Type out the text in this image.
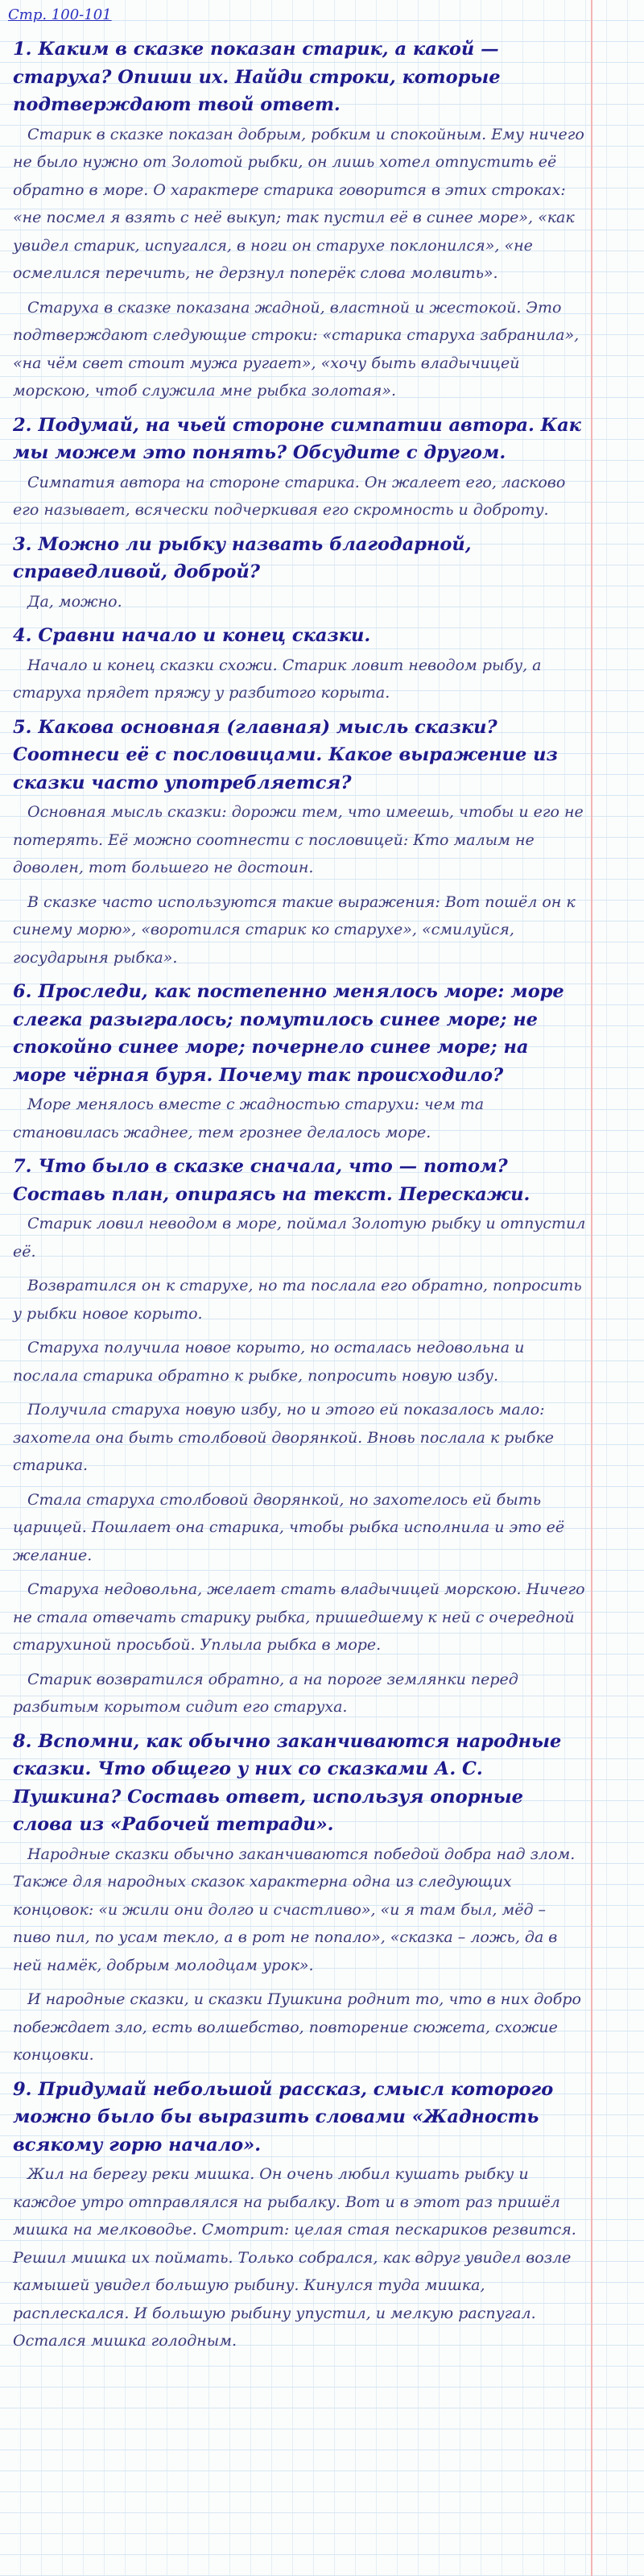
Стр. 100-101

1. Каким в сказке показан старик, а какой — старуха? Опиши их. Найди строки, которые подтверждают твой ответ.

Старик в сказке показан добрым, робким и спокойным. Ему ничего не было нужно от Золотой рыбки, он лишь хотел отпустить её обратно в море. О характере старика говорится в этих строках: «не посмел я взять с неё выкуп; так пустил её в синее море», «как увидел старик, испугался, в ноги он старухе поклонился», «не осмелился перечить, не дерзнул поперёк слова молвить».

Старуха в сказке показана жадной, властной и жестокой. Это подтверждают следующие строки: «старика старуха забранила», «на чём свет стоит мужа ругает», «хочу быть владычицей морскою, чтоб служила мне рыбка золотая».

2. Подумай, на чьей стороне симпатии автора. Как мы можем это понять? Обсудите с другом.

Симпатия автора на стороне старика. Он жалеет его, ласково его называет, всячески подчеркивая его скромность и доброту.

3. Можно ли рыбку назвать благодарной, справедливой, доброй?

Да, можно.

4. Сравни начало и конец сказки.

Начало и конец сказки схожи. Старик ловит неводом рыбу, а старуха прядет пряжу у разбитого корыта.

5. Какова основная (главная) мысль сказки? Соотнеси её с пословицами. Какое выражение из сказки часто употребляется?

Основная мысль сказки: дорожи тем, что имеешь, чтобы и его не потерять. Её можно соотнести с пословицей: Кто малым не доволен, тот большего не достоин.

В сказке часто используются такие выражения: Вот пошёл он к синему морю», «воротился старик ко старухе», «смилуйся, государыня рыбка».

6. Проследи, как постепенно менялось море: море слегка разыгралось; помутилось синее море; не спокойно синее море; почернело синее море; на море чёрная буря. Почему так происходило?

Море менялось вместе с жадностью старухи: чем та становилась жаднее, тем грознее делалось море.

7. Что было в сказке сначала, что — потом? Составь план, опираясь на текст. Перескажи.

Старик ловил неводом в море, поймал Золотую рыбку и отпустил её.

Возвратился он к старухе, но та послала его обратно, попросить у рыбки новое корыто.

Старуха получила новое корыто, но осталась недовольна и послала старика обратно к рыбке, попросить новую избу.

Получила старуха новую избу, но и этого ей показалось мало: захотела она быть столбовой дворянкой. Вновь послала к рыбке старика.

Стала старуха столбовой дворянкой, но захотелось ей быть царицей. Пошлает она старика, чтобы рыбка исполнила и это её желание.

Старуха недовольна, желает стать владычицей морскою. Ничего не стала отвечать старику рыбка, пришедшему к ней с очередной старухиной просьбой. Уплыла рыбка в море.

Старик возвратился обратно, а на пороге землянки перед разбитым корытом сидит его старуха.

8. Вспомни, как обычно заканчиваются народные сказки. Что общего у них со сказками А. С. Пушкина? Составь ответ, используя опорные слова из «Рабочей тетради».

Народные сказки обычно заканчиваются победой добра над злом. Также для народных сказок характерна одна из следующих концовок: «и жили они долго и счастливо», «и я там был, мёд – пиво пил, по усам текло, а в рот не попало», «сказка – ложь, да в ней намёк, добрым молодцам урок».

И народные сказки, и сказки Пушкина роднит то, что в них добро побеждает зло, есть волшебство, повторение сюжета, схожие концовки.

9. Придумай небольшой рассказ, смысл которого можно было бы выразить словами «Жадность всякому горю начало».

Жил на берегу реки мишка. Он очень любил кушать рыбку и каждое утро отправлялся на рыбалку. Вот и в этот раз пришёл мишка на мелководье. Смотрит: целая стая пескариков резвится. Решил мишка их поймать. Только собрался, как вдруг увидел возле камышей увидел большую рыбину. Кинулся туда мишка, расплескался. И большую рыбину упустил, и мелкую распугал. Остался мишка голодным.
